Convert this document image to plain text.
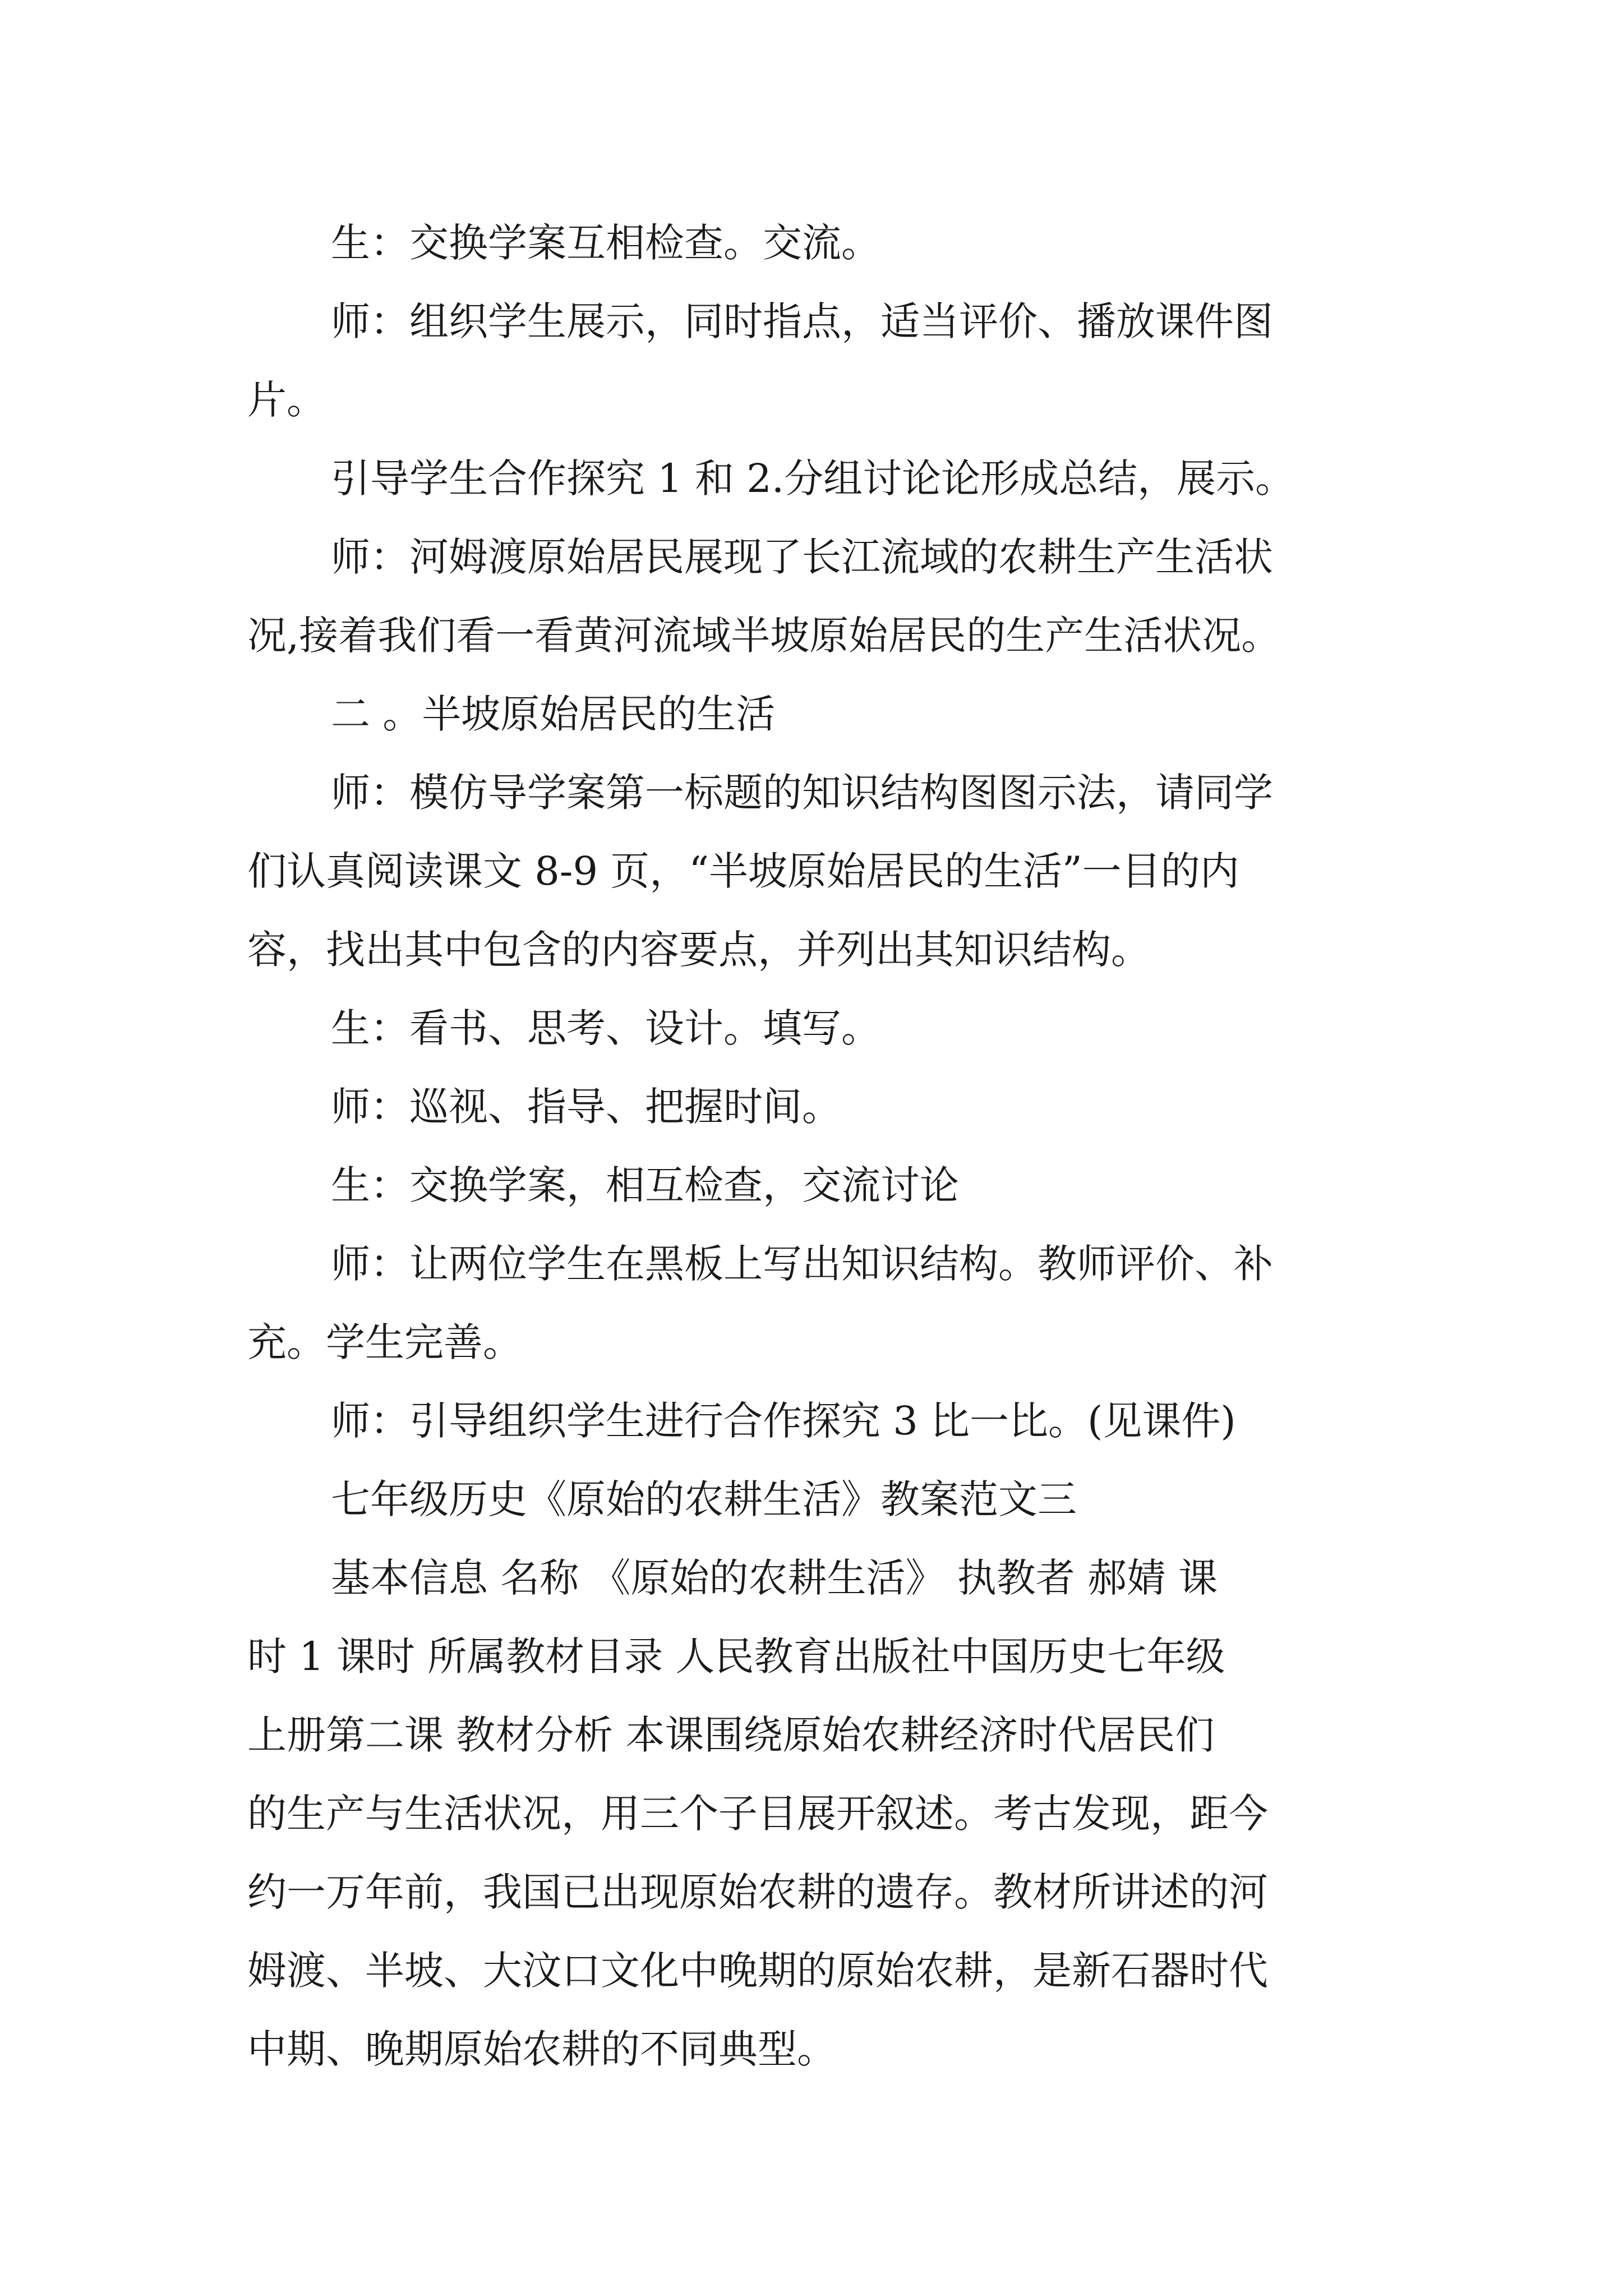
生：交换学案互相检查。交流。
师：组织学生展示，同时指点，适当评价、播放课件图
片。
引导学生合作探究 1 和 2.分组讨论论形成总结，展示。
师：河姆渡原始居民展现了长江流域的农耕生产生活状
况,接着我们看一看黄河流域半坡原始居民的生产生活状况。
二 。半坡原始居民的生活
师：模仿导学案第一标题的知识结构图图示法，请同学
们认真阅读课文 8-9 页，“半坡原始居民的生活”一目的内
容，找出其中包含的内容要点，并列出其知识结构。
生：看书、思考、设计。填写。
师：巡视、指导、把握时间。
生：交换学案，相互检查，交流讨论
师：让两位学生在黑板上写出知识结构。教师评价、补
充。学生完善。
师：引导组织学生进行合作探究 3 比一比。(见课件)
七年级历史《原始的农耕生活》教案范文三
基本信息 名称 《原始的农耕生活》 执教者 郝婧 课
时 1 课时 所属教材目录 人民教育出版社中国历史七年级
上册第二课 教材分析 本课围绕原始农耕经济时代居民们
的生产与生活状况，用三个子目展开叙述。考古发现，距今
约一万年前，我国已出现原始农耕的遗存。教材所讲述的河
姆渡、半坡、大汶口文化中晚期的原始农耕，是新石器时代
中期、晚期原始农耕的不同典型。
